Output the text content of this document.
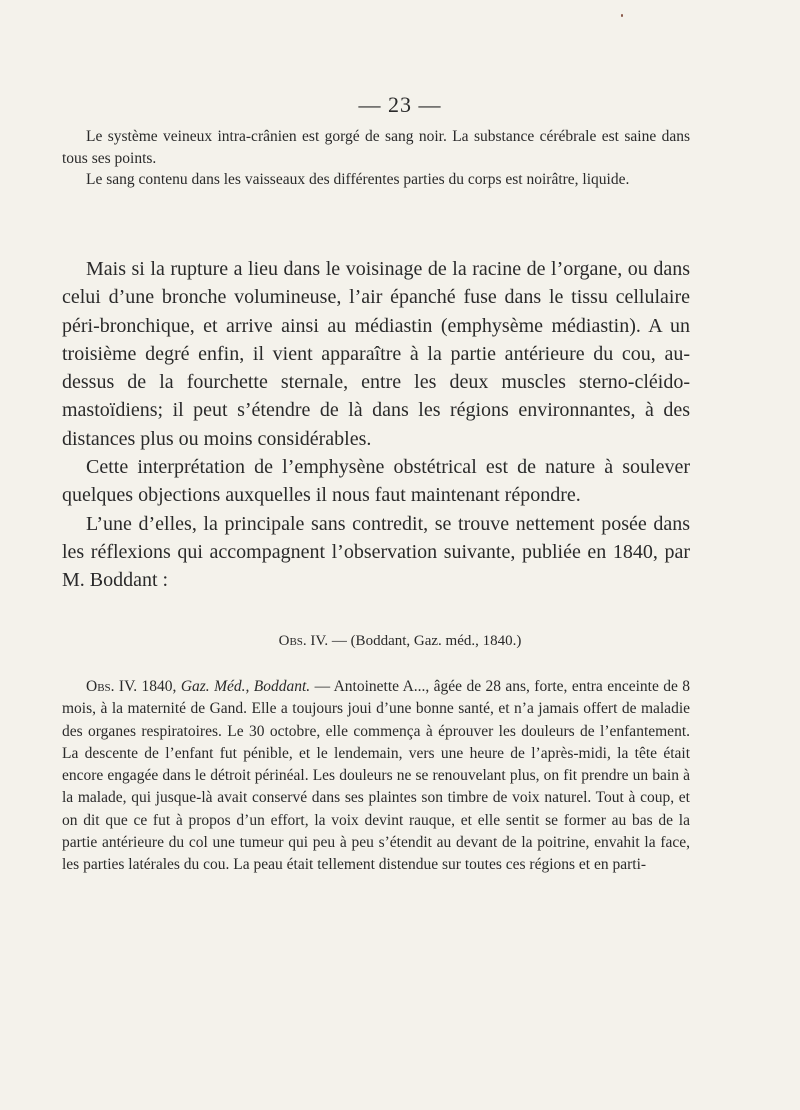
— 23 —

Le système veineux intra-crânien est gorgé de sang noir. La substance cérébrale est saine dans tous ses points.

Le sang contenu dans les vaisseaux des différentes parties du corps est noirâtre, liquide.

Mais si la rupture a lieu dans le voisinage de la racine de l’organe, ou dans celui d’une bronche volumineuse, l’air épanché fuse dans le tissu cellulaire péri-bronchique, et arrive ainsi au médiastin (emphysème médiastin). A un troisième degré enfin, il vient apparaître à la partie antérieure du cou, au-dessus de la fourchette sternale, entre les deux muscles sterno-cléido-mastoïdiens; il peut s’étendre de là dans les régions environnantes, à des distances plus ou moins considérables.

Cette interprétation de l’emphysène obstétrical est de nature à soulever quelques objections auxquelles il nous faut maintenant répondre.

L’une d’elles, la principale sans contredit, se trouve nettement posée dans les réflexions qui accompagnent l’observation suivante, publiée en 1840, par M. Boddant :

Obs. IV. — (Boddant, Gaz. méd., 1840.)

Obs. IV. 1840, Gaz. Méd., Boddant. — Antoinette A..., âgée de 28 ans, forte, entra enceinte de 8 mois, à la maternité de Gand. Elle a toujours joui d’une bonne santé, et n’a jamais offert de maladie des organes respiratoires. Le 30 octobre, elle commença à éprouver les douleurs de l’enfantement. La descente de l’enfant fut pénible, et le lendemain, vers une heure de l’après-midi, la tête était encore engagée dans le détroit périnéal. Les douleurs ne se renouvelant plus, on fit prendre un bain à la malade, qui jusque-là avait conservé dans ses plaintes son timbre de voix naturel. Tout à coup, et on dit que ce fut à propos d’un effort, la voix devint rauque, et elle sentit se former au bas de la partie antérieure du col une tumeur qui peu à peu s’étendit au devant de la poitrine, envahit la face, les parties latérales du cou. La peau était tellement distendue sur toutes ces régions et en parti-
